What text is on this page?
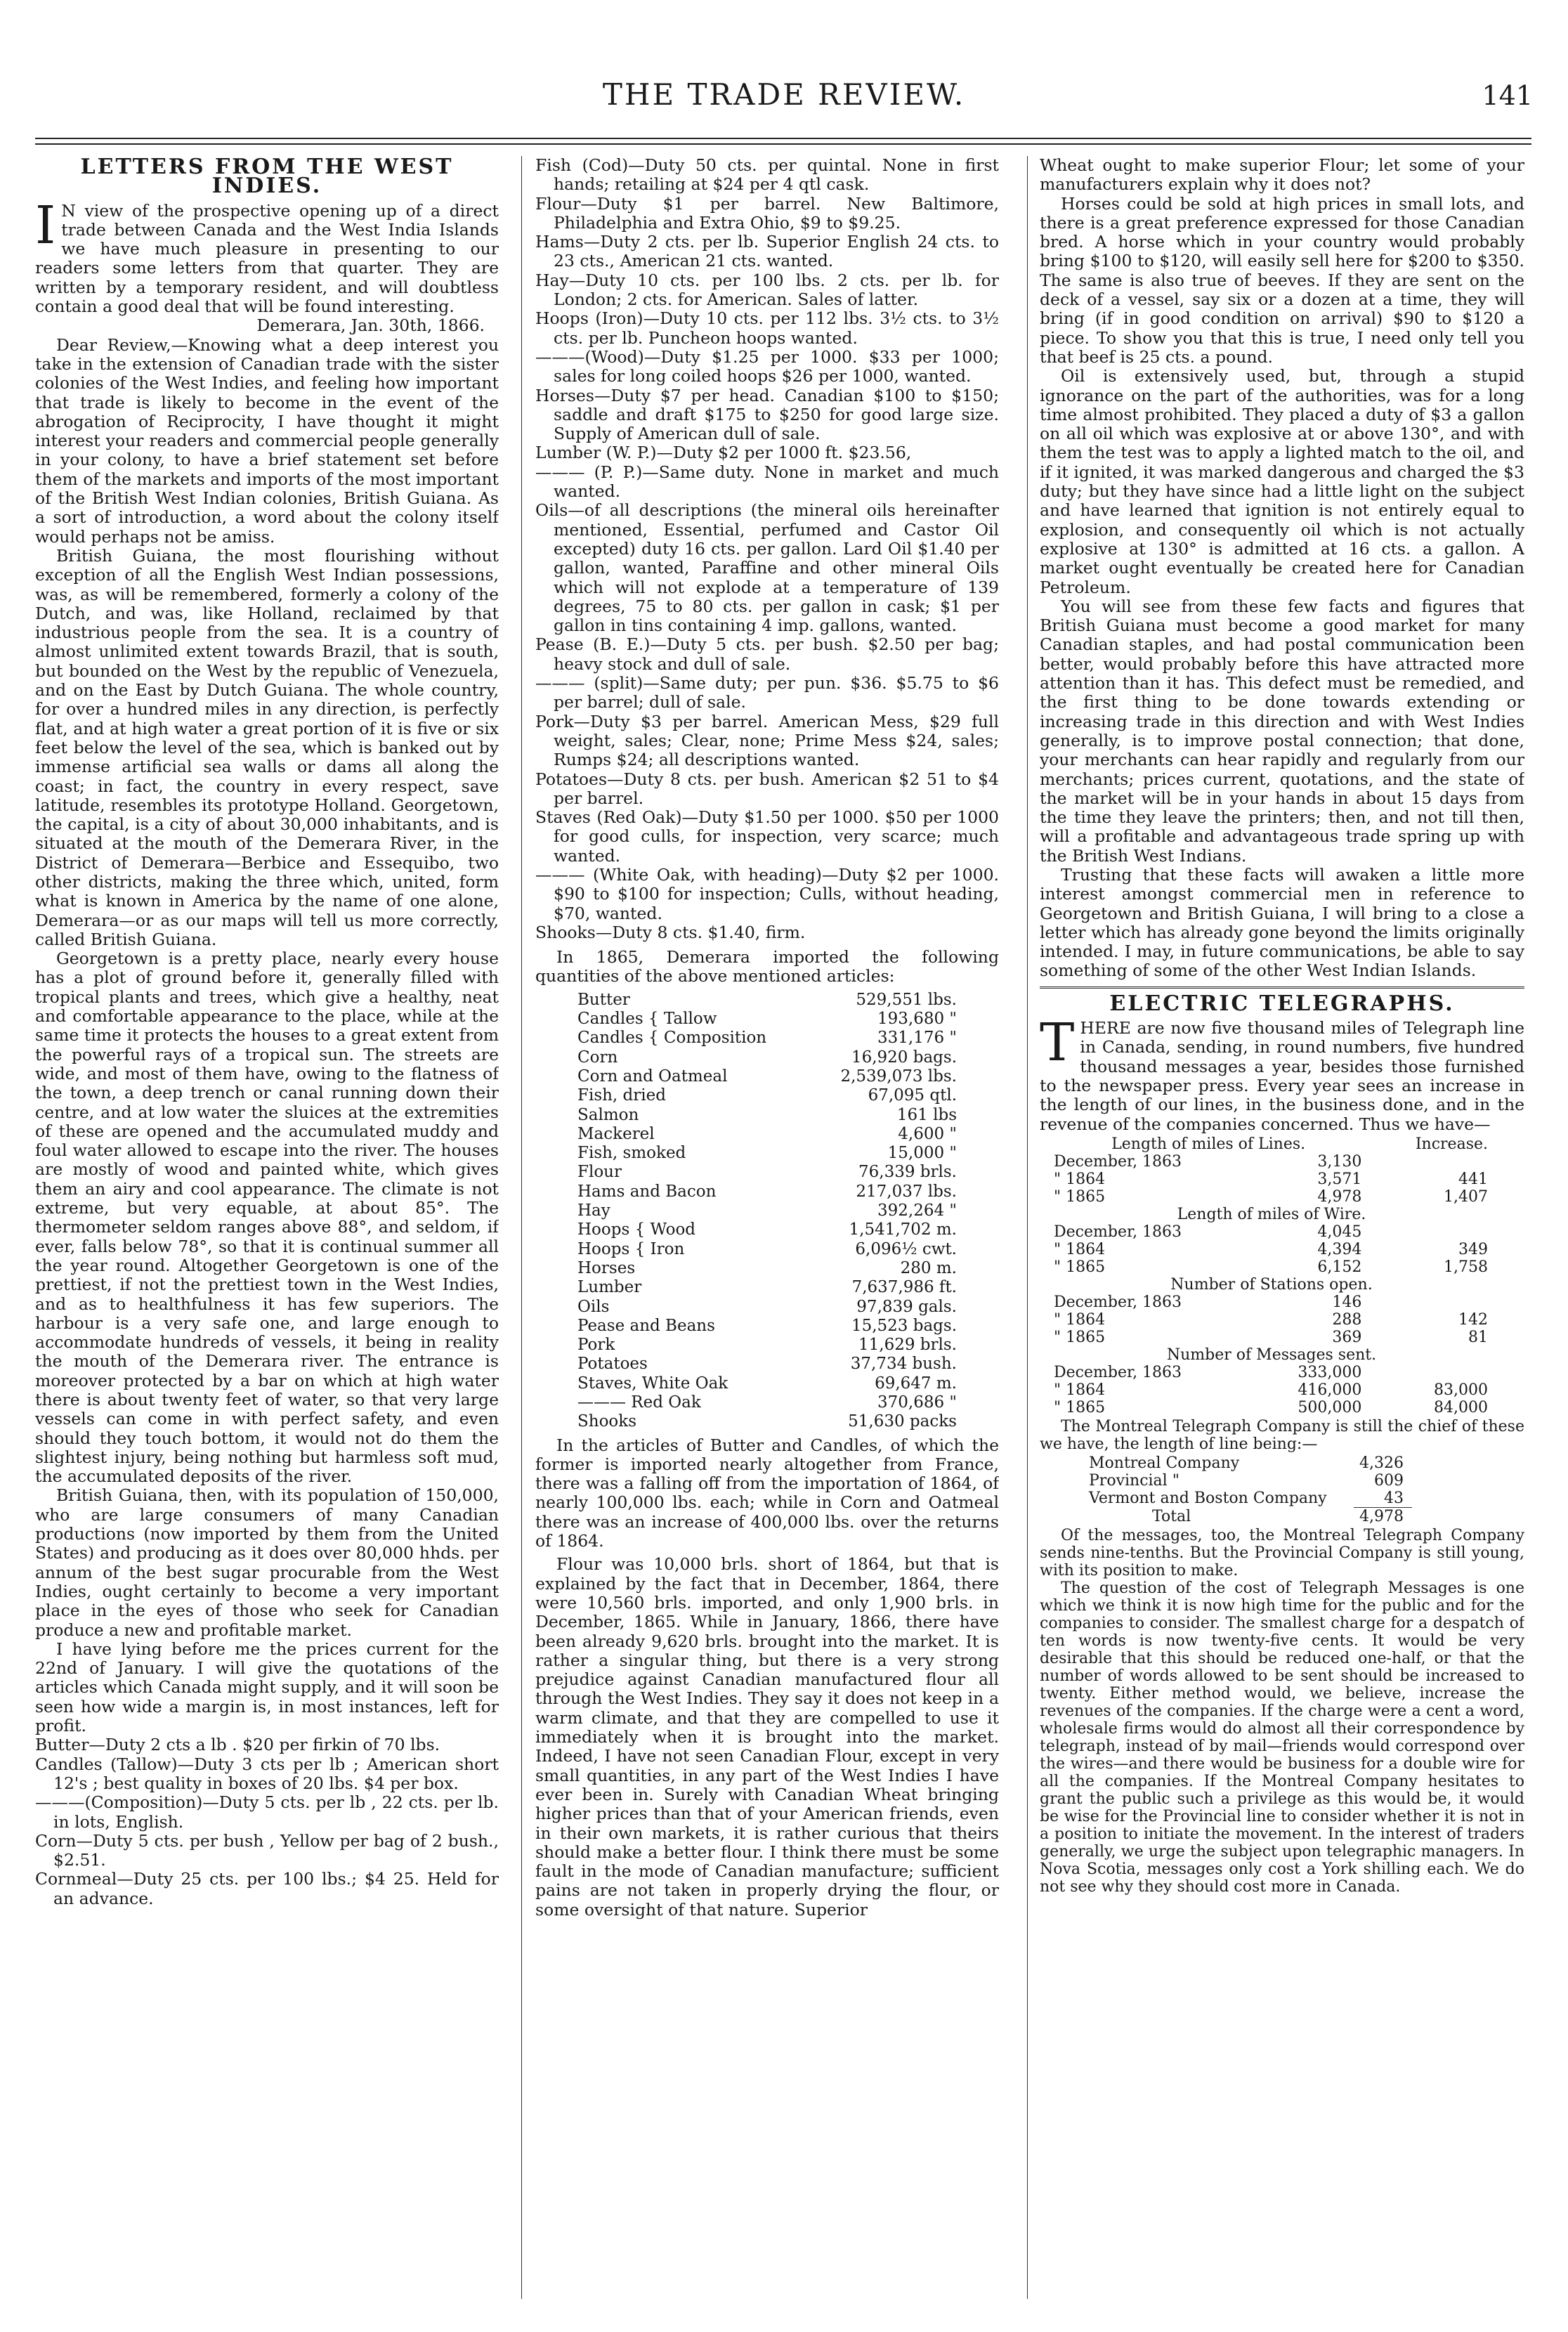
THE TRADE REVIEW.	141
LETTERS FROM THE WEST INDIES.

I N view of the prospective opening up of a direct trade between Canada and the West India Islands we have much pleasure in presenting to our readers some letters from that quarter. They are written by a temporary resident, and will doubtless contain a good deal that will be found interesting.

Demerara, Jan. 30th, 1866.

Dear Review,—Knowing what a deep interest you take in the extension of Canadian trade with the sister colonies of the West Indies, and feeling how important that trade is likely to become in the event of the abrogation of Reciprocity, I have thought it might interest your readers and commercial people generally in your colony, to have a brief statement set before them of the markets and imports of the most important of the British West Indian colonies, British Guiana. As a sort of introduction, a word about the colony itself would perhaps not be amiss.

British Guiana, the most flourishing without exception of all the English West Indian possessions, was, as will be remembered, formerly a colony of the Dutch, and was, like Holland, reclaimed by that industrious people from the sea. It is a country of almost unlimited extent towards Brazil, that is south, but bounded on the West by the republic of Venezuela, and on the East by Dutch Guiana. The whole country, for over a hundred miles in any direction, is perfectly flat, and at high water a great portion of it is five or six feet below the level of the sea, which is banked out by immense artificial sea walls or dams all along the coast; in fact, the country in every respect, save latitude, resembles its prototype Holland. Georgetown, the capital, is a city of about 30,000 inhabitants, and is situated at the mouth of the Demerara River, in the District of Demerara—Berbice and Essequibo, two other districts, making the three which, united, form what is known in America by the name of one alone, Demerara—or as our maps will tell us more correctly, called British Guiana.

Georgetown is a pretty place, nearly every house has a plot of ground before it, generally filled with tropical plants and trees, which give a healthy, neat and comfortable appearance to the place, while at the same time it protects the houses to a great extent from the powerful rays of a tropical sun. The streets are wide, and most of them have, owing to the flatness of the town, a deep trench or canal running down their centre, and at low water the sluices at the extremities of these are opened and the accumulated muddy and foul water allowed to escape into the river. The houses are mostly of wood and painted white, which gives them an airy and cool appearance. The climate is not extreme, but very equable, at about 85°. The thermometer seldom ranges above 88°, and seldom, if ever, falls below 78°, so that it is continual summer all the year round. Altogether Georgetown is one of the prettiest, if not the prettiest town in the West Indies, and as to healthfulness it has few superiors. The harbour is a very safe one, and large enough to accommodate hundreds of vessels, it being in reality the mouth of the Demerara river. The entrance is moreover protected by a bar on which at high water there is about twenty feet of water, so that very large vessels can come in with perfect safety, and even should they touch bottom, it would not do them the slightest injury, being nothing but harmless soft mud, the accumulated deposits of the river.

British Guiana, then, with its population of 150,000, who are large consumers of many Canadian productions (now imported by them from the United States) and producing as it does over 80,000 hhds. per annum of the best sugar procurable from the West Indies, ought certainly to become a very important place in the eyes of those who seek for Canadian produce a new and profitable market.

I have lying before me the prices current for the 22nd of January. I will give the quotations of the articles which Canada might supply, and it will soon be seen how wide a margin is, in most instances, left for profit.

Butter—Duty 2 cts a lb . $20 per firkin of 70 lbs.

Candles (Tallow)—Duty 3 cts per lb ; American short 12's ; best quality in boxes of 20 lbs. $4 per box.

———(Composition)—Duty 5 cts. per lb , 22 cts. per lb. in lots, English.

Corn—Duty 5 cts. per bush , Yellow per bag of 2 bush., $2.51.

Cornmeal—Duty 25 cts. per 100 lbs.; $4 25. Held for an advance.

Fish (Cod)—Duty 50 cts. per quintal. None in first hands; retailing at $24 per 4 qtl cask.

Flour—Duty $1 per barrel. New Baltimore, Philadelphia and Extra Ohio, $9 to $9.25.

Hams—Duty 2 cts. per lb. Superior English 24 cts. to 23 cts., American 21 cts. wanted.

Hay—Duty 10 cts. per 100 lbs. 2 cts. per lb. for London; 2 cts. for American. Sales of latter.

Hoops (Iron)—Duty 10 cts. per 112 lbs. 3½ cts. to 3½ cts. per lb. Puncheon hoops wanted.

———(Wood)—Duty $1.25 per 1000. $33 per 1000; sales for long coiled hoops $26 per 1000, wanted.

Horses—Duty $7 per head. Canadian $100 to $150; saddle and draft $175 to $250 for good large size. Supply of American dull of sale.

Lumber (W. P.)—Duty $2 per 1000 ft. $23.56,

——— (P. P.)—Same duty. None in market and much wanted.

Oils—of all descriptions (the mineral oils hereinafter mentioned, Essential, perfumed and Castor Oil excepted) duty 16 cts. per gallon. Lard Oil $1.40 per gallon, wanted, Paraffine and other mineral Oils which will not explode at a temperature of 139 degrees, 75 to 80 cts. per gallon in cask; $1 per gallon in tins containing 4 imp. gallons, wanted.

Pease (B. E.)—Duty 5 cts. per bush. $2.50 per bag; heavy stock and dull of sale.

——— (split)—Same duty; per pun. $36. $5.75 to $6 per barrel; dull of sale.

Pork—Duty $3 per barrel. American Mess, $29 full weight, sales; Clear, none; Prime Mess $24, sales; Rumps $24; all descriptions wanted.

Potatoes—Duty 8 cts. per bush. American $2 51 to $4 per barrel.

Staves (Red Oak)—Duty $1.50 per 1000. $50 per 1000 for good culls, for inspection, very scarce; much wanted.

——— (White Oak, with heading)—Duty $2 per 1000. $90 to $100 for inspection; Culls, without heading, $70, wanted.

Shooks—Duty 8 cts. $1.40, firm.

In 1865, Demerara imported the following quantities of the above mentioned articles:

Butter	529,551 lbs.
Candles { Tallow	193,680 "
Candles { Composition	331,176 "
Corn	16,920 bags.
Corn and Oatmeal	2,539,073 lbs.
Fish, dried	67,095 qtl.
Salmon	161 lbs
Mackerel	4,600 "
Fish, smoked	15,000 "
Flour	76,339 brls.
Hams and Bacon	217,037 lbs.
Hay	392,264 "
Hoops { Wood	1,541,702 m.
Hoops { Iron	6,096½ cwt.
Horses	280 m.
Lumber	7,637,986 ft.
Oils	97,839 gals.
Pease and Beans	15,523 bags.
Pork	11,629 brls.
Potatoes	37,734 bush.
Staves, White Oak	69,647 m.
——— Red Oak	370,686 "
Shooks	51,630 packs

In the articles of Butter and Candles, of which the former is imported nearly altogether from France, there was a falling off from the importation of 1864, of nearly 100,000 lbs. each; while in Corn and Oatmeal there was an increase of 400,000 lbs. over the returns of 1864.

Flour was 10,000 brls. short of 1864, but that is explained by the fact that in December, 1864, there were 10,560 brls. imported, and only 1,900 brls. in December, 1865. While in January, 1866, there have been already 9,620 brls. brought into the market. It is rather a singular thing, but there is a very strong prejudice against Canadian manufactured flour all through the West Indies. They say it does not keep in a warm climate, and that they are compelled to use it immediately when it is brought into the market. Indeed, I have not seen Canadian Flour, except in very small quantities, in any part of the West Indies I have ever been in. Surely with Canadian Wheat bringing higher prices than that of your American friends, even in their own markets, it is rather curious that theirs should make a better flour. I think there must be some fault in the mode of Canadian manufacture; sufficient pains are not taken in properly drying the flour, or some oversight of that nature. Superior

Wheat ought to make superior Flour; let some of your manufacturers explain why it does not?

Horses could be sold at high prices in small lots, and there is a great preference expressed for those Canadian bred. A horse which in your country would probably bring $100 to $120, will easily sell here for $200 to $350. The same is also true of beeves. If they are sent on the deck of a vessel, say six or a dozen at a time, they will bring (if in good condition on arrival) $90 to $120 a piece. To show you that this is true, I need only tell you that beef is 25 cts. a pound.

Oil is extensively used, but, through a stupid ignorance on the part of the authorities, was for a long time almost prohibited. They placed a duty of $3 a gallon on all oil which was explosive at or above 130°, and with them the test was to apply a lighted match to the oil, and if it ignited, it was marked dangerous and charged the $3 duty; but they have since had a little light on the subject and have learned that ignition is not entirely equal to explosion, and consequently oil which is not actually explosive at 130° is admitted at 16 cts. a gallon. A market ought eventually be created here for Canadian Petroleum.

You will see from these few facts and figures that British Guiana must become a good market for many Canadian staples, and had postal communication been better, would probably before this have attracted more attention than it has. This defect must be remedied, and the first thing to be done towards extending or increasing trade in this direction and with West Indies generally, is to improve postal connection; that done, your merchants can hear rapidly and regularly from our merchants; prices current, quotations, and the state of the market will be in your hands in about 15 days from the time they leave the printers; then, and not till then, will a profitable and advantageous trade spring up with the British West Indians.

Trusting that these facts will awaken a little more interest amongst commercial men in reference to Georgetown and British Guiana, I will bring to a close a letter which has already gone beyond the limits originally intended. I may, in future communications, be able to say something of some of the other West Indian Islands.

ELECTRIC TELEGRAPHS.

THERE are now five thousand miles of Telegraph line in Canada, sending, in round numbers, five hundred thousand messages a year, besides those furnished to the newspaper press. Every year sees an increase in the length of our lines, in the business done, and in the revenue of the companies concerned. Thus we have—

Length of miles of Lines.		Increase.
December, 1863	3,130	
" 1864	3,571	441
" 1865	4,978	1,407
Length of miles of Wire.		
December, 1863	4,045	
" 1864	4,394	349
" 1865	6,152	1,758
Number of Stations open.		
December, 1863	146	
" 1864	288	142
" 1865	369	81
Number of Messages sent.		
December, 1863	333,000	
" 1864	416,000	83,000
" 1865	500,000	84,000

The Montreal Telegraph Company is still the chief of these we have, the length of line being:—

Montreal Company	4,326
Provincial "	609
Vermont and Boston Company	43
Total	4,978

Of the messages, too, the Montreal Telegraph Company sends nine-tenths. But the Provincial Company is still young, with its position to make.

The question of the cost of Telegraph Messages is one which we think it is now high time for the public and for the companies to consider. The smallest charge for a despatch of ten words is now twenty-five cents. It would be very desirable that this should be reduced one-half, or that the number of words allowed to be sent should be increased to twenty. Either method would, we believe, increase the revenues of the companies. If the charge were a cent a word, wholesale firms would do almost all their correspondence by telegraph, instead of by mail—friends would correspond over the wires—and there would be business for a double wire for all the companies. If the Montreal Company hesitates to grant the public such a privilege as this would be, it would be wise for the Provincial line to consider whether it is not in a position to initiate the movement. In the interest of traders generally, we urge the subject upon telegraphic managers. In Nova Scotia, messages only cost a York shilling each. We do not see why they should cost more in Canada.
